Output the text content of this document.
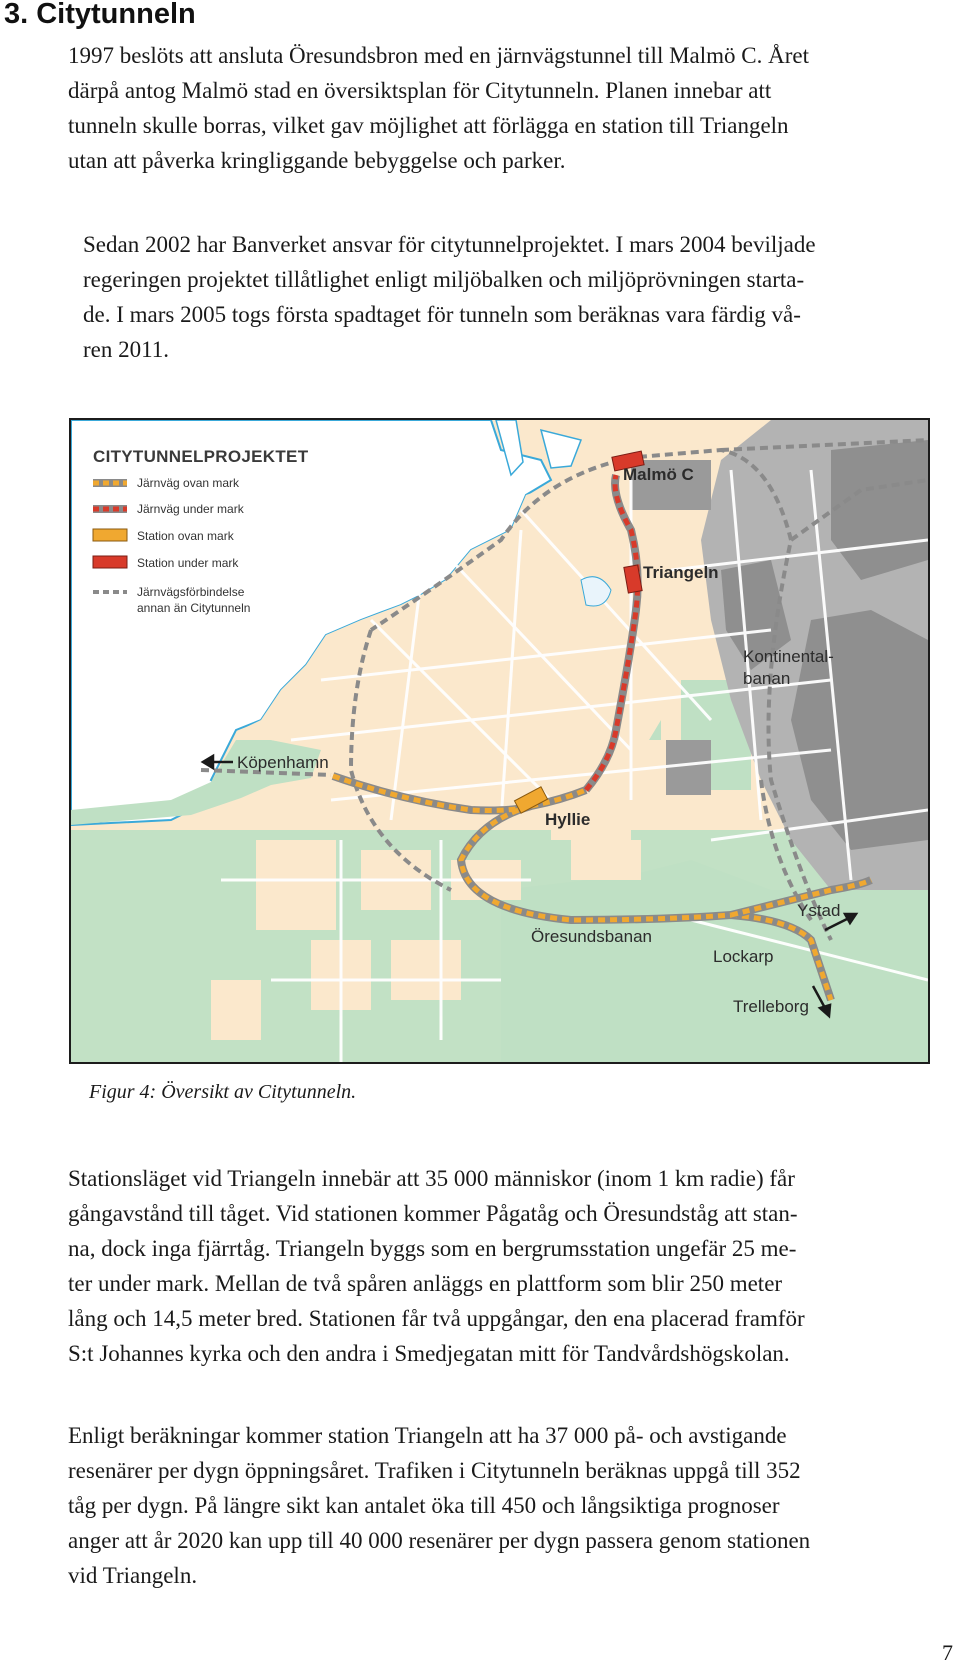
3. Citytunneln

1997 beslöts att ansluta Öresundsbron med en järnvägstunnel till Malmö C. Året
därpå antog Malmö stad en översiktsplan för Citytunneln. Planen innebar att
tunneln skulle borras, vilket gav möjlighet att förlägga en station till Triangeln
utan att påverka kringliggande bebyggelse och parker.

Sedan 2002 har Banverket ansvar för citytunnelprojektet. I mars 2004 beviljade
regeringen projektet tillåtlighet enligt miljöbalken och miljöprövningen starta-
de. I mars 2005 togs första spadtaget för tunneln som beräknas vara färdig vå-
ren 2011.

CITYTUNNELPROJEKTET
Järnväg ovan mark
Järnväg under mark
Station ovan mark
Station under mark
Järnvägsförbindelse annan än Citytunneln
Malmö C
Triangeln
Kontinental-banan
Köpenhamn
Hyllie
Ystad
Öresundsbanan
Lockarp
Trelleborg

Figur 4: Översikt av Citytunneln.

Stationsläget vid Triangeln innebär att 35 000 människor (inom 1 km radie) får
gångavstånd till tåget. Vid stationen kommer Pågatåg och Öresundståg att stan-
na, dock inga fjärrtåg. Triangeln byggs som en bergrumsstation ungefär 25 me-
ter under mark. Mellan de två spåren anläggs en plattform som blir 250 meter
lång och 14,5 meter bred. Stationen får två uppgångar, den ena placerad framför
S:t Johannes kyrka och den andra i Smedjegatan mitt för Tandvårdshögskolan.

Enligt beräkningar kommer station Triangeln att ha 37 000 på- och avstigande
resenärer per dygn öppningsåret. Trafiken i Citytunneln beräknas uppgå till 352
tåg per dygn. På längre sikt kan antalet öka till 450 och långsiktiga prognoser
anger att år 2020 kan upp till 40 000 resenärer per dygn passera genom stationen
vid Triangeln.

7
